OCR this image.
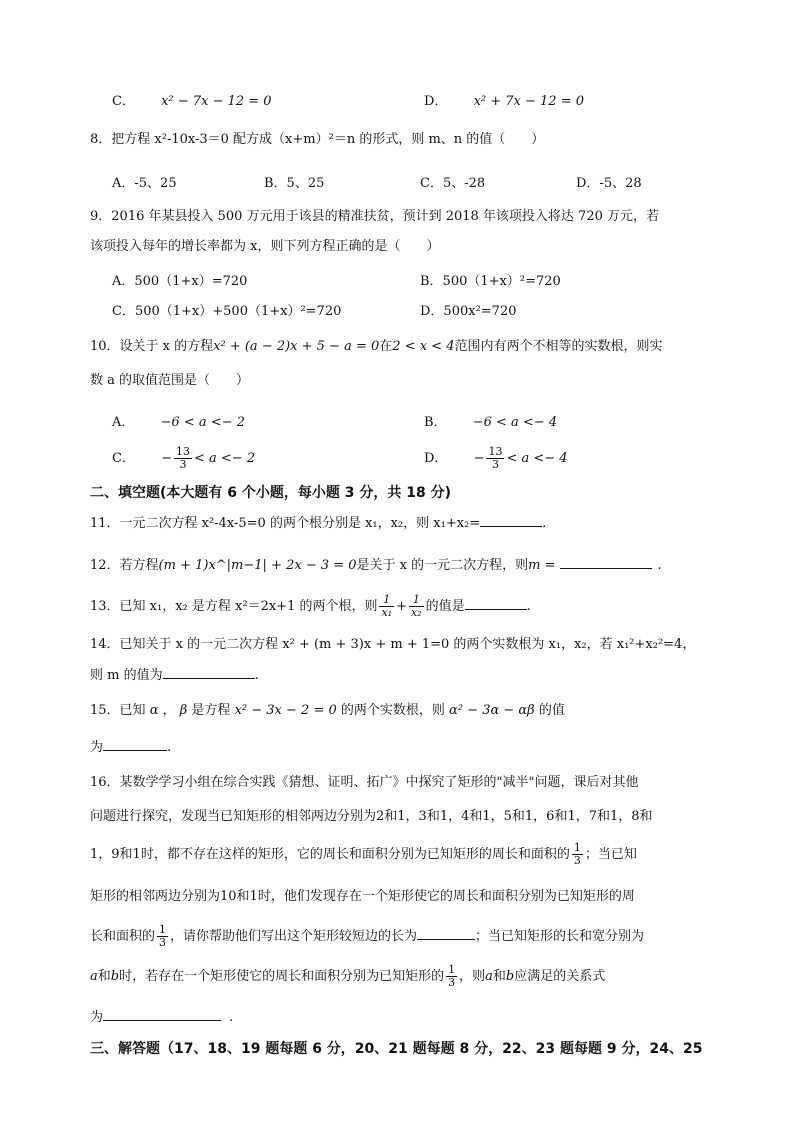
C． x² − 7x − 12 = 0	D． x² + 7x − 12 = 0
8．把方程 x²-10x-3＝0 配方成（x+m）²＝n 的形式，则 m、n 的值（　　）
A．-5、25	B．5、25	C．5、-28	D．-5、28
9．2016 年某县投入 500 万元用于该县的精准扶贫，预计到 2018 年该项投入将达 720 万元，若
该项投入每年的增长率都为 x，则下列方程正确的是（　　）
A．500（1+x）=720	B．500（1+x）²=720
C．500（1+x）+500（1+x）²=720	D．500x²=720
10．设关于 x 的方程x² + (a − 2)x + 5 − a = 0在2 < x < 4范围内有两个不相等的实数根，则实
数 a 的取值范围是（　　）
A． −6 < a <− 2	B． −6 < a <− 4
C． − $\frac{13}{3} < a <- 2$	D． − $\frac{13}{3} < a <- 4$
二、填空题(本大题有 6 个小题，每小题 3 分，共 18 分)
11．一元二次方程 x²-4x-5=0 的两个根分别是 x₁，x₂，则 x₁+x₂=	.
12．若方程(m + 1)x^|m−1| + 2x − 3 = 0是关于 x 的一元二次方程，则m =	.
13．已知 x₁，x₂ 是方程 x²＝2x+1 的两个根，则 $\frac{1}{\text{x₁}} + \frac{1}{\text{x₂}}$ 的值是	.
14．已知关于 x 的一元二次方程 x² + (m + 3)x + m + 1=0 的两个实数根为 x₁，x₂，若 x₁²+x₂²=4，
则 m 的值为	.
15．已知 α ， β 是方程 x² − 3x − 2 = 0 的两个实数根，则 α² − 3α − αβ 的值
为	.
16．某数学学习小组在综合实践《猜想、证明、拓广》中探究了矩形的"减半"问题，课后对其他
问题进行探究，发现当已知矩形的相邻两边分别为2和1，3和1，4和1，5和1，6和1，7和1，8和
1，9和1时，都不存在这样的矩形，它的周长和面积分别为已知矩形的周长和面积的 $\frac{1}{3}$ ；当已知
矩形的相邻两边分别为10和1时，他们发现存在一个矩形使它的周长和面积分别为已知矩形的周
长和面积的 $\frac{1}{3}$ ，请你帮助他们写出这个矩形较短边的长为	；当已知矩形的长和宽分别为
a和b时，若存在一个矩形使它的周长和面积分别为已知矩形的 $\frac{1}{3}$ ，则a和b应满足的关系式
为	.
三、解答题（17、18、19 题每题 6 分，20、21 题每题 8 分，22、23 题每题 9 分，24、25
